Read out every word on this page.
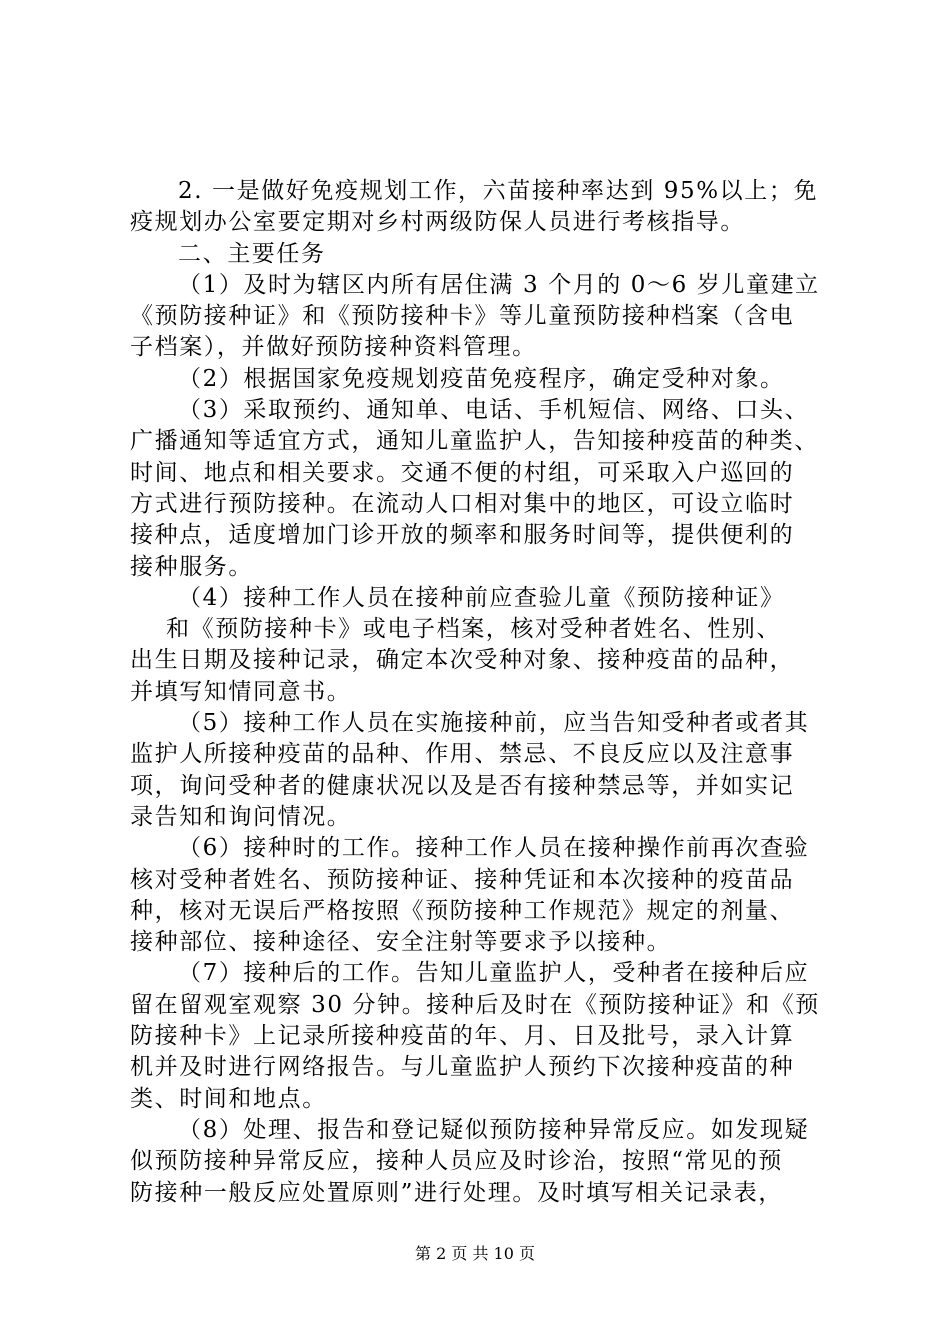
2. 一是做好免疫规划工作，六苗接种率达到 95%以上；免
疫规划办公室要定期对乡村两级防保人员进行考核指导。
二、主要任务
（1）及时为辖区内所有居住满 3 个月的 0～6 岁儿童建立
《预防接种证》和《预防接种卡》等儿童预防接种档案（含电
子档案），并做好预防接种资料管理。
（2）根据国家免疫规划疫苗免疫程序，确定受种对象。
（3）采取预约、通知单、电话、手机短信、网络、口头、
广播通知等适宜方式，通知儿童监护人，告知接种疫苗的种类、
时间、地点和相关要求。交通不便的村组，可采取入户巡回的
方式进行预防接种。在流动人口相对集中的地区，可设立临时
接种点，适度增加门诊开放的频率和服务时间等，提供便利的
接种服务。
（4）接种工作人员在接种前应查验儿童《预防接种证》
和《预防接种卡》或电子档案，核对受种者姓名、性别、
出生日期及接种记录，确定本次受种对象、接种疫苗的品种，
并填写知情同意书。
（5）接种工作人员在实施接种前，应当告知受种者或者其
监护人所接种疫苗的品种、作用、禁忌、不良反应以及注意事
项，询问受种者的健康状况以及是否有接种禁忌等，并如实记
录告知和询问情况。
（6）接种时的工作。接种工作人员在接种操作前再次查验
核对受种者姓名、预防接种证、接种凭证和本次接种的疫苗品
种，核对无误后严格按照《预防接种工作规范》规定的剂量、
接种部位、接种途径、安全注射等要求予以接种。
（7）接种后的工作。告知儿童监护人，受种者在接种后应
留在留观室观察 30 分钟。接种后及时在《预防接种证》和《预
防接种卡》上记录所接种疫苗的年、月、日及批号，录入计算
机并及时进行网络报告。与儿童监护人预约下次接种疫苗的种
类、时间和地点。
（8）处理、报告和登记疑似预防接种异常反应。如发现疑
似预防接种异常反应，接种人员应及时诊治，按照“常见的预
防接种一般反应处置原则”进行处理。及时填写相关记录表，
第 2 页 共 10 页
